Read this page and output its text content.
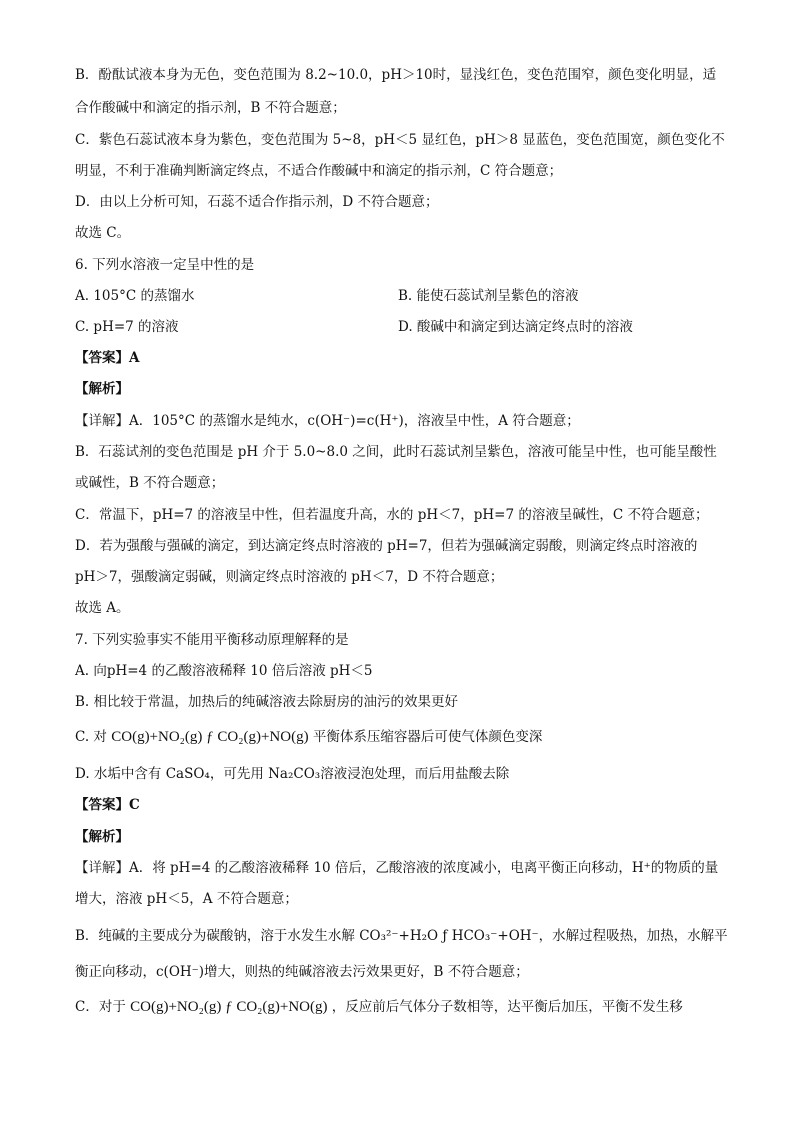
B．酚酞试液本身为无色，变色范围为 8.2~10.0，pH＞10时，显浅红色，变色范围窄，颜色变化明显，适
合作酸碱中和滴定的指示剂，B 不符合题意；
C．紫色石蕊试液本身为紫色，变色范围为 5~8，pH＜5 显红色，pH＞8 显蓝色，变色范围宽，颜色变化不
明显，不利于准确判断滴定终点，不适合作酸碱中和滴定的指示剂，C 符合题意；
D．由以上分析可知，石蕊不适合作指示剂，D 不符合题意；
故选 C。
6. 下列水溶液一定呈中性的是
A. 105°C 的蒸馏水	B. 能使石蕊试剂呈紫色的溶液
C. pH=7 的溶液	D. 酸碱中和滴定到达滴定终点时的溶液
【答案】A
【解析】
【详解】A．105°C 的蒸馏水是纯水，c(OH⁻)=c(H⁺)，溶液呈中性，A 符合题意；
B．石蕊试剂的变色范围是 pH 介于 5.0~8.0 之间，此时石蕊试剂呈紫色，溶液可能呈中性，也可能呈酸性
或碱性，B 不符合题意；
C．常温下，pH=7 的溶液呈中性，但若温度升高，水的 pH＜7，pH=7 的溶液呈碱性，C 不符合题意；
D．若为强酸与强碱的滴定，到达滴定终点时溶液的 pH=7，但若为强碱滴定弱酸，则滴定终点时溶液的
pH＞7，强酸滴定弱碱，则滴定终点时溶液的 pH＜7，D 不符合题意；
故选 A。
7. 下列实验事实不能用平衡移动原理解释的是
A. 向pH=4 的乙酸溶液稀释 10 倍后溶液 pH＜5
B. 相比较于常温，加热后的纯碱溶液去除厨房的油污的效果更好
C. 对 CO(g)+NO₂(g) ƒ CO₂(g)+NO(g) 平衡体系压缩容器后可使气体颜色变深
D. 水垢中含有 CaSO₄，可先用 Na₂CO₃溶液浸泡处理，而后用盐酸去除
【答案】C
【解析】
【详解】A．将 pH=4 的乙酸溶液稀释 10 倍后，乙酸溶液的浓度减小，电离平衡正向移动，H⁺的物质的量
增大，溶液 pH＜5，A 不符合题意；
B．纯碱的主要成分为碳酸钠，溶于水发生水解 CO₃²⁻+H₂O ƒ HCO₃⁻+OH⁻，水解过程吸热，加热，水解平
衡正向移动，c(OH⁻)增大，则热的纯碱溶液去污效果更好，B 不符合题意；
C．对于 CO(g)+NO₂(g) ƒ CO₂(g)+NO(g) ，反应前后气体分子数相等，达平衡后加压，平衡不发生移
